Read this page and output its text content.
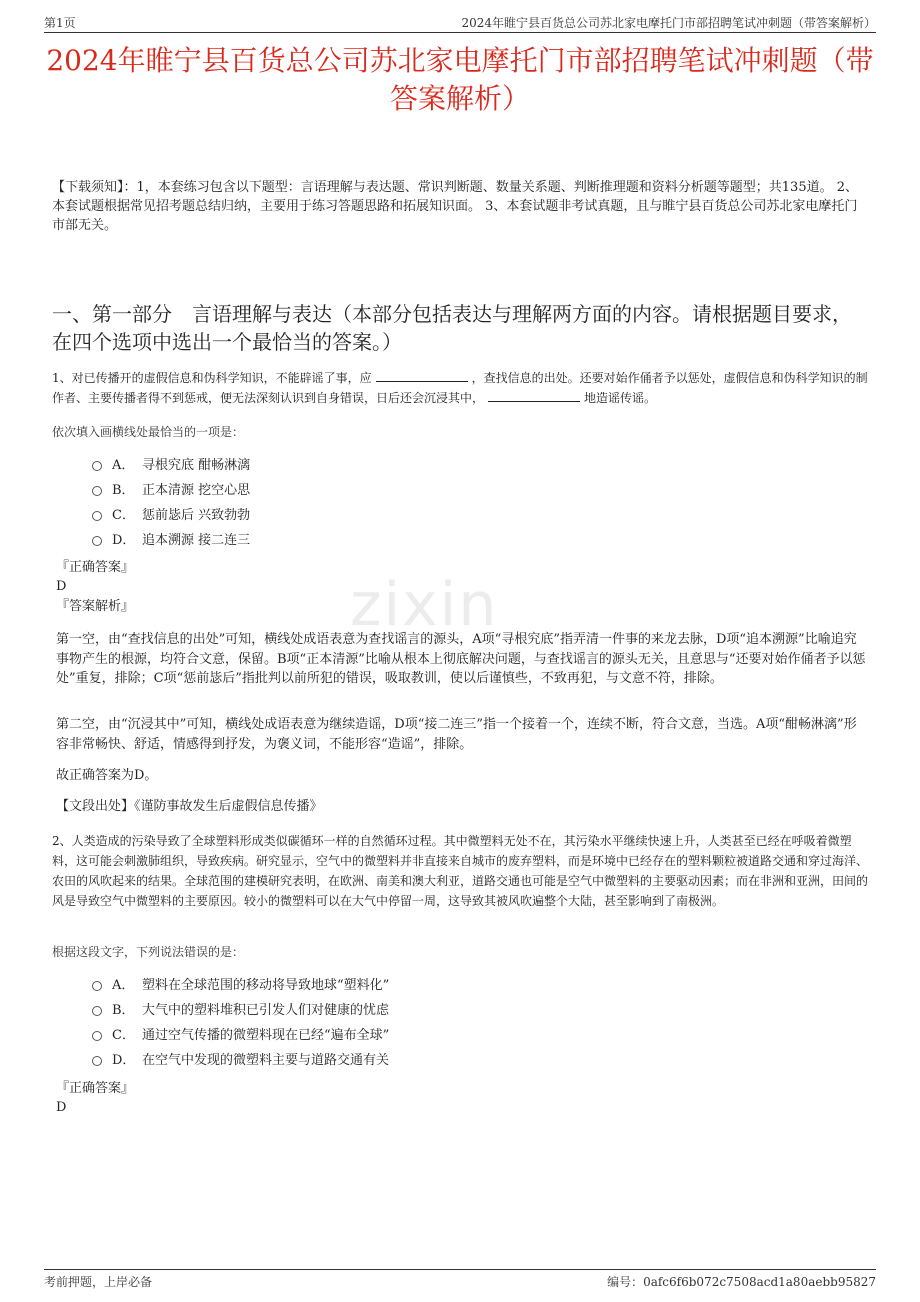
第1页	2024年睢宁县百货总公司苏北家电摩托门市部招聘笔试冲刺题（带答案解析）
2024年睢宁县百货总公司苏北家电摩托门市部招聘笔试冲刺题（带答案解析）
【下载须知】：1，本套练习包含以下题型：言语理解与表达题、常识判断题、数量关系题、判断推理题和资料分析题等题型；共135道。 2、本套试题根据常见招考题总结归纳，主要用于练习答题思路和拓展知识面。 3、本套试题非考试真题，且与睢宁县百货总公司苏北家电摩托门市部无关。
一、第一部分　言语理解与表达（本部分包括表达与理解两方面的内容。请根据题目要求，在四个选项中选出一个最恰当的答案。）
1、对已传播开的虚假信息和伪科学知识，不能辟谣了事，应	，查找信息的出处。还要对始作俑者予以惩处，虚假信息和伪科学知识的制作者、主要传播者得不到惩戒，便无法深刻认识到自身错误，日后还会沉浸其中，	地造谣传谣。
依次填入画横线处最恰当的一项是：
A． 寻根究底 酣畅淋漓
B． 正本清源 挖空心思
C． 惩前毖后 兴致勃勃
D． 追本溯源 接二连三
『正确答案』
D
『答案解析』	zixin
第一空，由“查找信息的出处”可知，横线处成语表意为查找谣言的源头，A项“寻根究底”指弄清一件事的来龙去脉，D项“追本溯源”比喻追究事物产生的根源，均符合文意，保留。B项“正本清源”比喻从根本上彻底解决问题，与查找谣言的源头无关，且意思与“还要对始作俑者予以惩处”重复，排除；C项“惩前毖后”指批判以前所犯的错误，吸取教训，使以后谨慎些，不致再犯，与文意不符，排除。
第二空，由“沉浸其中”可知，横线处成语表意为继续造谣，D项“接二连三”指一个接着一个，连续不断，符合文意，当选。A项“酣畅淋漓”形容非常畅快、舒适，情感得到抒发，为褒义词，不能形容“造谣”，排除。
故正确答案为D。
【文段出处】《谨防事故发生后虚假信息传播》
2、人类造成的污染导致了全球塑料形成类似碳循环一样的自然循环过程。其中微塑料无处不在，其污染水平继续快速上升，人类甚至已经在呼吸着微塑料，这可能会刺激肺组织，导致疾病。研究显示，空气中的微塑料并非直接来自城市的废弃塑料，而是环境中已经存在的塑料颗粒被道路交通和穿过海洋、农田的风吹起来的结果。全球范围的建模研究表明，在欧洲、南美和澳大利亚，道路交通也可能是空气中微塑料的主要驱动因素；而在非洲和亚洲，田间的风是导致空气中微塑料的主要原因。较小的微塑料可以在大气中停留一周，这导致其被风吹遍整个大陆，甚至影响到了南极洲。
根据这段文字，下列说法错误的是：
A． 塑料在全球范围的移动将导致地球“塑料化”
B． 大气中的塑料堆积已引发人们对健康的忧虑
C． 通过空气传播的微塑料现在已经“遍布全球”
D． 在空气中发现的微塑料主要与道路交通有关
『正确答案』
D
考前押题，上岸必备	编号：0afc6f6b072c7508acd1a80aebb95827
